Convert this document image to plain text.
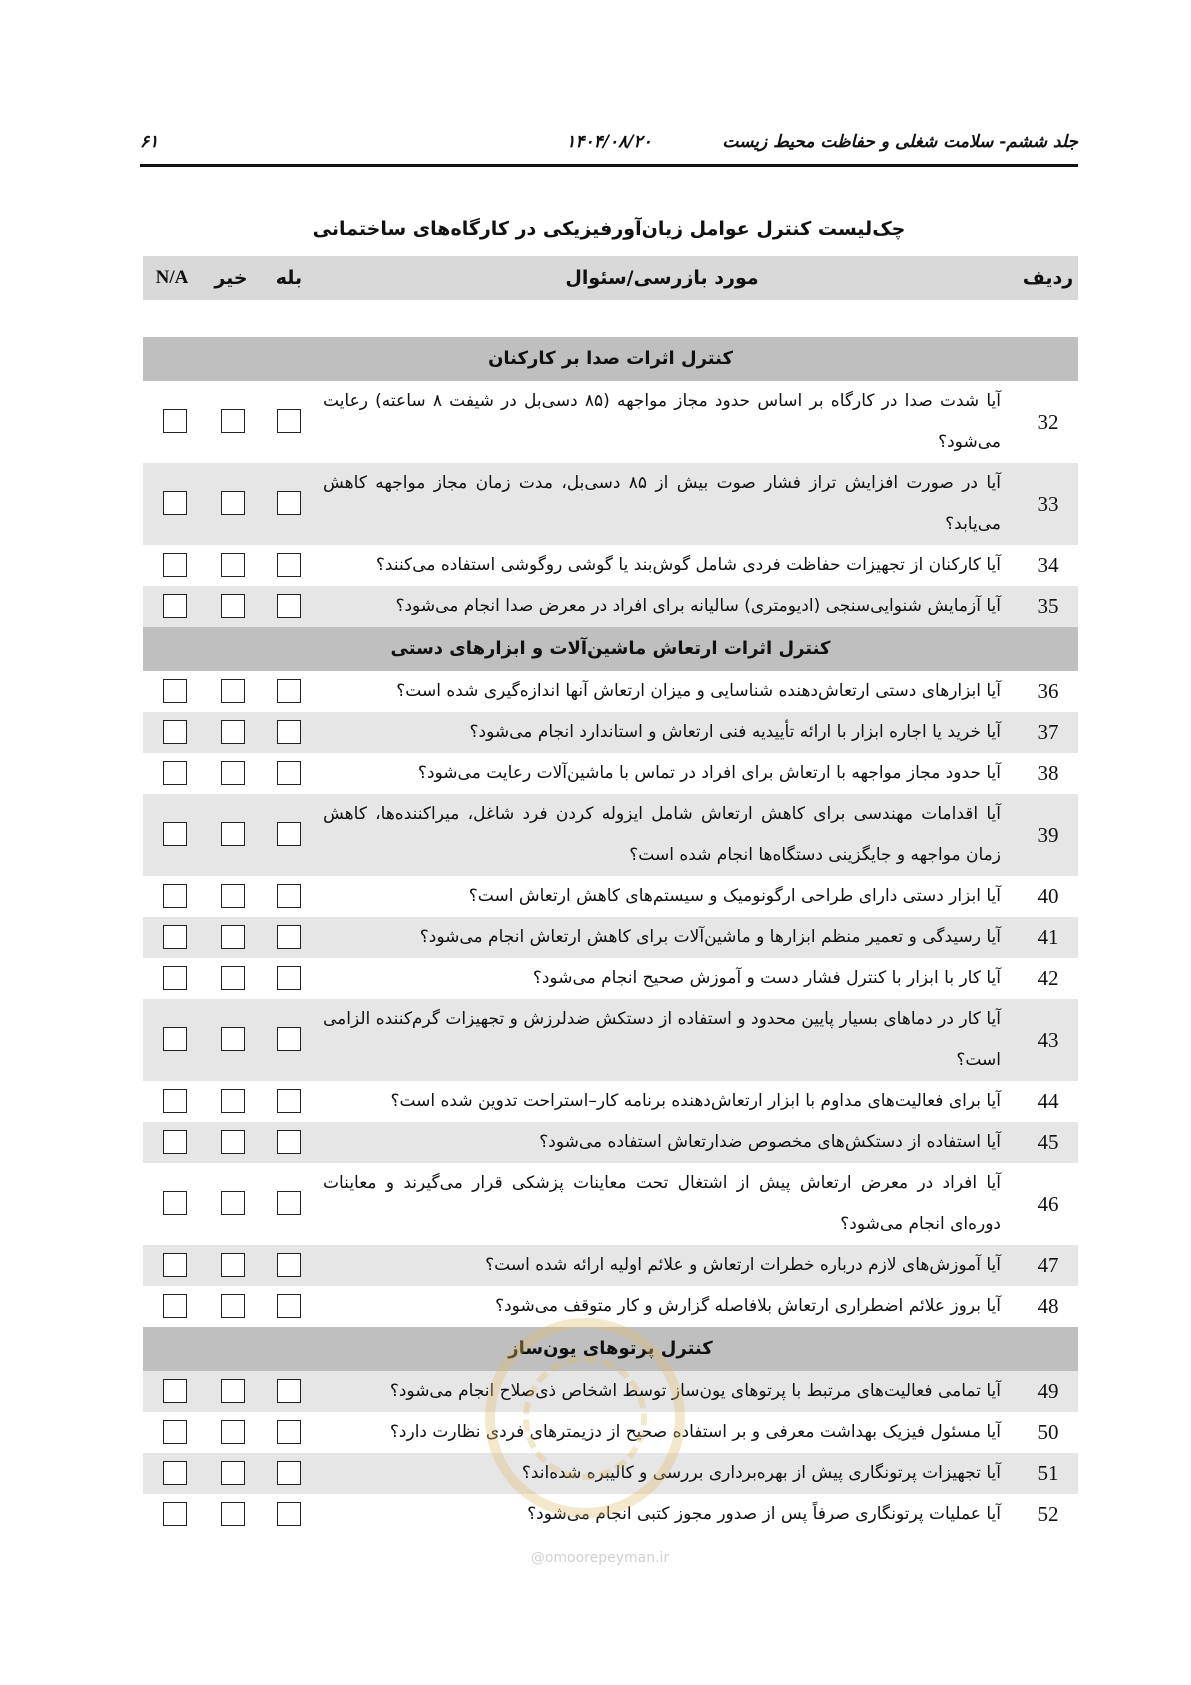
جلد ششم- سلامت شغلی و حفاظت محیط زیست
۱۴۰۴/۰۸/۲۰
۶۱
چک‌لیست کنترل عوامل زیان‌آورفیزیکی در کارگاه‌های ساختمانی
ردیف
مورد بازرسی/سئوال
بله
خیر
N/A
کنترل اثرات صدا بر کارکنان
32
آیا شدت صدا در کارگاه بر اساس حدود مجاز مواجهه (۸۵ دسی‌بل در شیفت ۸ ساعته) رعایت می‌شود؟
33
آیا در صورت افزایش تراز فشار صوت بیش از ۸۵ دسی‌بل، مدت زمان مجاز مواجهه کاهش می‌یابد؟
34
آیا کارکنان از تجهیزات حفاظت فردی شامل گوش‌بند یا گوشی روگوشی استفاده می‌کنند؟
35
آیا آزمایش شنوایی‌سنجی (ادیومتری) سالیانه برای افراد در معرض صدا انجام می‌شود؟
کنترل اثرات ارتعاش ماشین‌آلات و ابزارهای دستی
36
آیا ابزارهای دستی ارتعاش‌دهنده شناسایی و میزان ارتعاش آنها اندازه‌گیری شده است؟
37
آیا خرید یا اجاره ابزار با ارائه تأییدیه فنی ارتعاش و استاندارد انجام می‌شود؟
38
آیا حدود مجاز مواجهه با ارتعاش برای افراد در تماس با ماشین‌آلات رعایت می‌شود؟
39
آیا اقدامات مهندسی برای کاهش ارتعاش شامل ایزوله کردن فرد شاغل، میراکننده‌ها، کاهش زمان مواجهه و جایگزینی دستگاه‌ها انجام شده است؟
40
آیا ابزار دستی دارای طراحی ارگونومیک و سیستم‌های کاهش ارتعاش است؟
41
آیا رسیدگی و تعمیر منظم ابزارها و ماشین‌آلات برای کاهش ارتعاش انجام می‌شود؟
42
آیا کار با ابزار با کنترل فشار دست و آموزش صحیح انجام می‌شود؟
43
آیا کار در دماهای بسیار پایین محدود و استفاده از دستکش ضدلرزش و تجهیزات گرم‌کننده الزامی است؟
44
آیا برای فعالیت‌های مداوم با ابزار ارتعاش‌دهنده برنامه کار–استراحت تدوین شده است؟
45
آیا استفاده از دستکش‌های مخصوص ضدارتعاش استفاده می‌شود؟
46
آیا افراد در معرض ارتعاش پیش از اشتغال تحت معاینات پزشکی قرار می‌گیرند و معاینات دوره‌ای انجام می‌شود؟
47
آیا آموزش‌های لازم درباره خطرات ارتعاش و علائم اولیه ارائه شده است؟
48
آیا بروز علائم اضطراری ارتعاش بلافاصله گزارش و کار متوقف می‌شود؟
کنترل پرتوهای یون‌ساز
49
آیا تمامی فعالیت‌های مرتبط با پرتوهای یون‌ساز توسط اشخاص ذی‌صلاح انجام می‌شود؟
50
آیا مسئول فیزیک بهداشت معرفی و بر استفاده صحیح از دزیمترهای فردی نظارت دارد؟
51
آیا تجهیزات پرتونگاری پیش از بهره‌برداری بررسی و کالیبره شده‌اند؟
52
آیا عملیات پرتونگاری صرفاً پس از صدور مجوز کتبی انجام می‌شود؟
@omoorepeyman.ir
